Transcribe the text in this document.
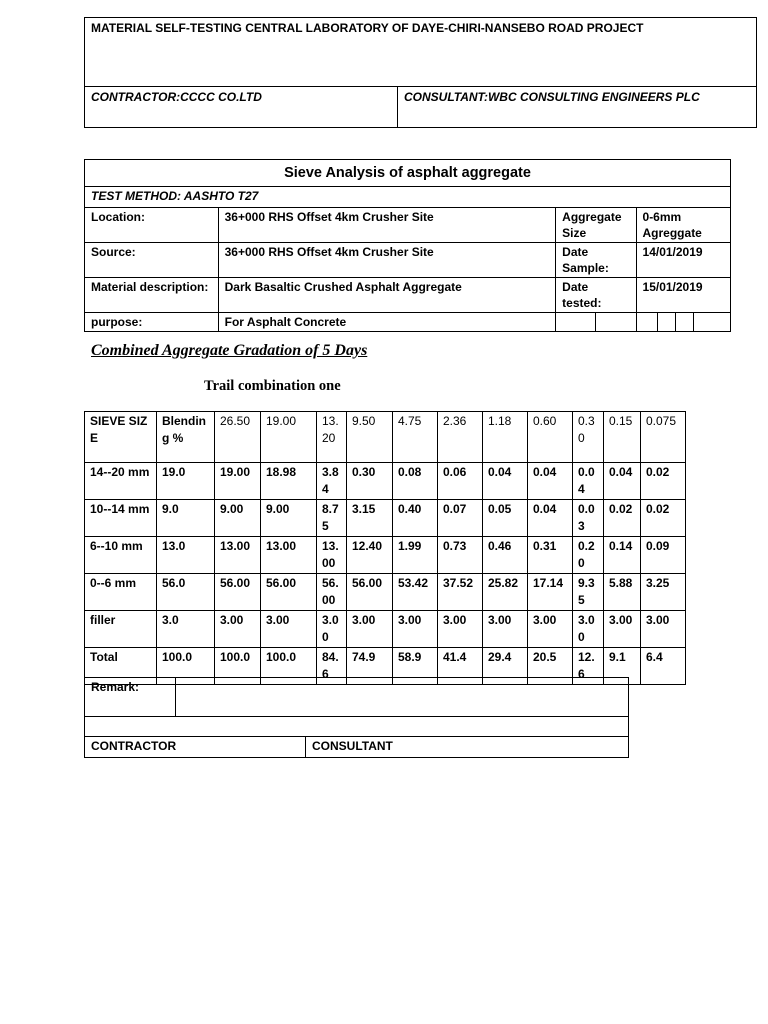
MATERIAL SELF-TESTING CENTRAL LABORATORY OF DAYE-CHIRI-NANSEBO ROAD PROJECT
CONTRACTOR:CCCC CO.LTD	CONSULTANT:WBC CONSULTING ENGINEERS PLC
Sieve Analysis of asphalt aggregate							
TEST METHOD: AASHTO T27							
Location:	36+000 RHS Offset 4km Crusher Site	Aggregate Size		0-6mm Agreggate			
Source:	36+000 RHS Offset 4km Crusher Site	Date Sample:		14/01/2019			
Material description:	Dark Basaltic Crushed Asphalt Aggregate	Date tested:		15/01/2019			
purpose:	For Asphalt Concrete						

Combined Aggregate Gradation of 5 Days

Trail combination one

SIEVE SIZE	Blending %	26.50	19.00	13.20	9.50	4.75	2.36	1.18	0.60	0.30	0.15	0.075
14--20 mm	19.0	19.00	18.98	3.84	0.30	0.08	0.06	0.04	0.04	0.04	0.04	0.02
10--14 mm	9.0	9.00	9.00	8.75	3.15	0.40	0.07	0.05	0.04	0.03	0.02	0.02
6--10 mm	13.0	13.00	13.00	13.00	12.40	1.99	0.73	0.46	0.31	0.20	0.14	0.09
0--6 mm	56.0	56.00	56.00	56.00	56.00	53.42	37.52	25.82	17.14	9.35	5.88	3.25
filler	3.0	3.00	3.00	3.00	3.00	3.00	3.00	3.00	3.00	3.00	3.00	3.00
Total	100.0	100.0	100.0	84.6	74.9	58.9	41.4	29.4	20.5	12.6	9.1	6.4
Remark:		

CONTRACTOR		CONSULTANT
